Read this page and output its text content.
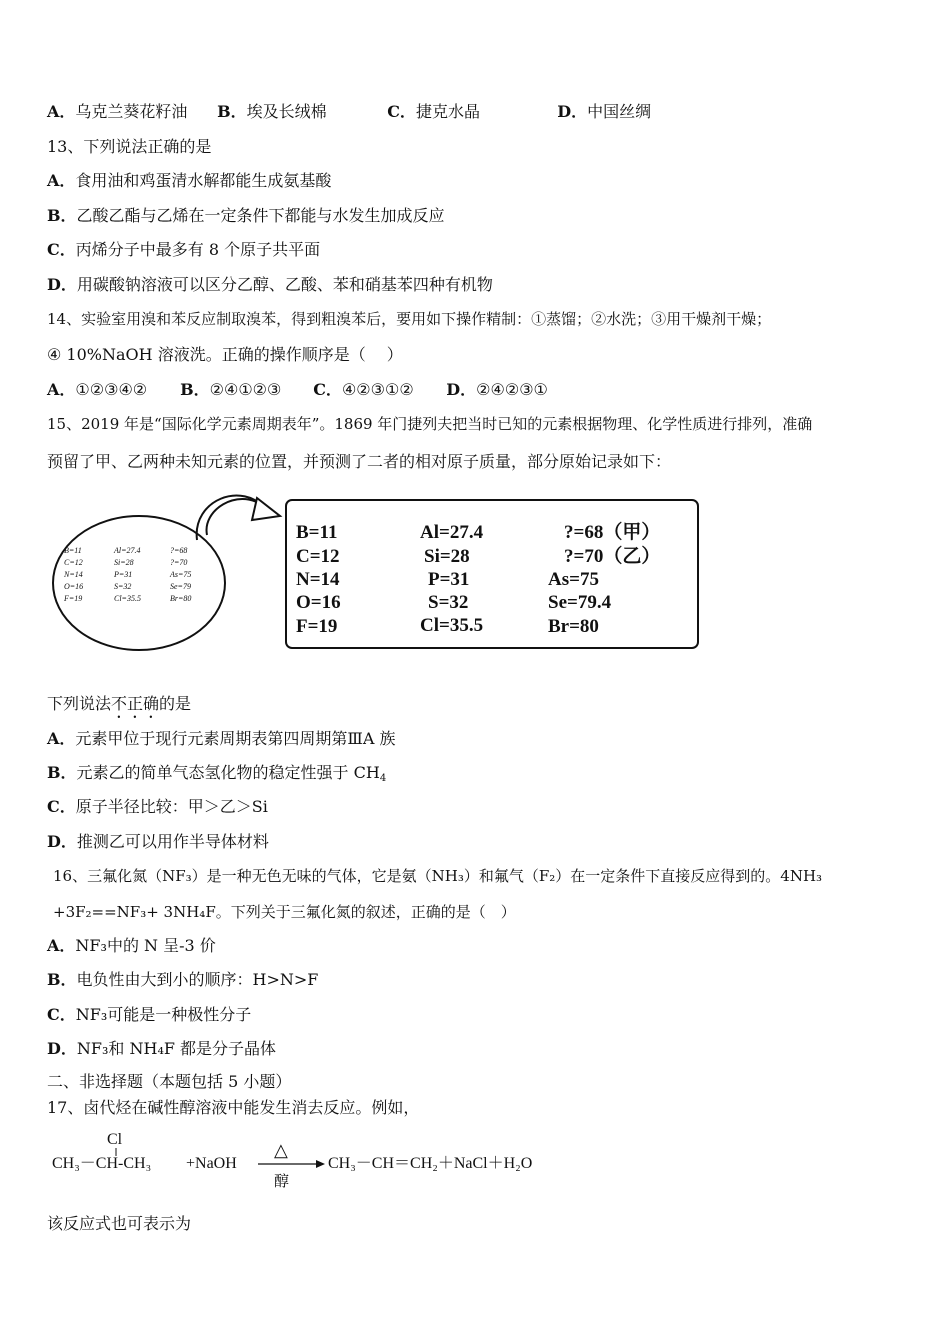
A．乌克兰葵花籽油 B．埃及长绒棉	C．捷克水晶	D．中国丝绸
13、下列说法正确的是
A．食用油和鸡蛋清水解都能生成氨基酸
B．乙酸乙酯与乙烯在一定条件下都能与水发生加成反应
C．丙烯分子中最多有 8 个原子共平面
D．用碳酸钠溶液可以区分乙醇、乙酸、苯和硝基苯四种有机物
14、实验室用溴和苯反应制取溴苯，得到粗溴苯后，要用如下操作精制：①蒸馏；②水洗；③用干燥剂干燥；
④ 10%NaOH 溶液洗。正确的操作顺序是（　 ）
A．①②③④② B．②④①②③ C．④②③①② D．②④②③①
15、2019 年是“国际化学元素周期表年”。1869 年门捷列夫把当时已知的元素根据物理、化学性质进行排列，准确
预留了甲、乙两种未知元素的位置，并预测了二者的相对原子质量，部分原始记录如下：
B=11
C=12
N=14
O=16
F=19
Al=27.4
Si=28
P=31
S=32
Cl=35.5
?=68
?=70
As=75
Se=79
Br=80
B=11
C=12
N=14
O=16
F=19
Al=27.4
Si=28
P=31
S=32
Cl=35.5
?=68（甲）
?=70（乙）
As=75
Se=79.4
Br=80
下列说法不正确的是
A．元素甲位于现行元素周期表第四周期第ⅢA 族
B．元素乙的简单气态氢化物的稳定性强于 $CH_4$
C．原子半径比较：甲＞乙＞Si
D．推测乙可以用作半导体材料
16、三氟化氮（NF₃）是一种无色无味的气体，它是氨（NH₃）和氟气（F₂）在一定条件下直接反应得到的。4NH₃
+3F₂==NF₃+ 3NH₄F。下列关于三氟化氮的叙述，正确的是（　）
A．NF₃中的 N 呈-3 价
B．电负性由大到小的顺序：H>N>F
C．NF₃可能是一种极性分子
D．NF₃和 NH₄F 都是分子晶体
二、非选择题（本题包括 5 小题）
17、卤代烃在碱性醇溶液中能发生消去反应。例如，
Cl
CH₃－CH-CH₃ +NaOH
△
醇
CH₃－CH＝CH₂＋NaCl＋H₂O
该反应式也可表示为
